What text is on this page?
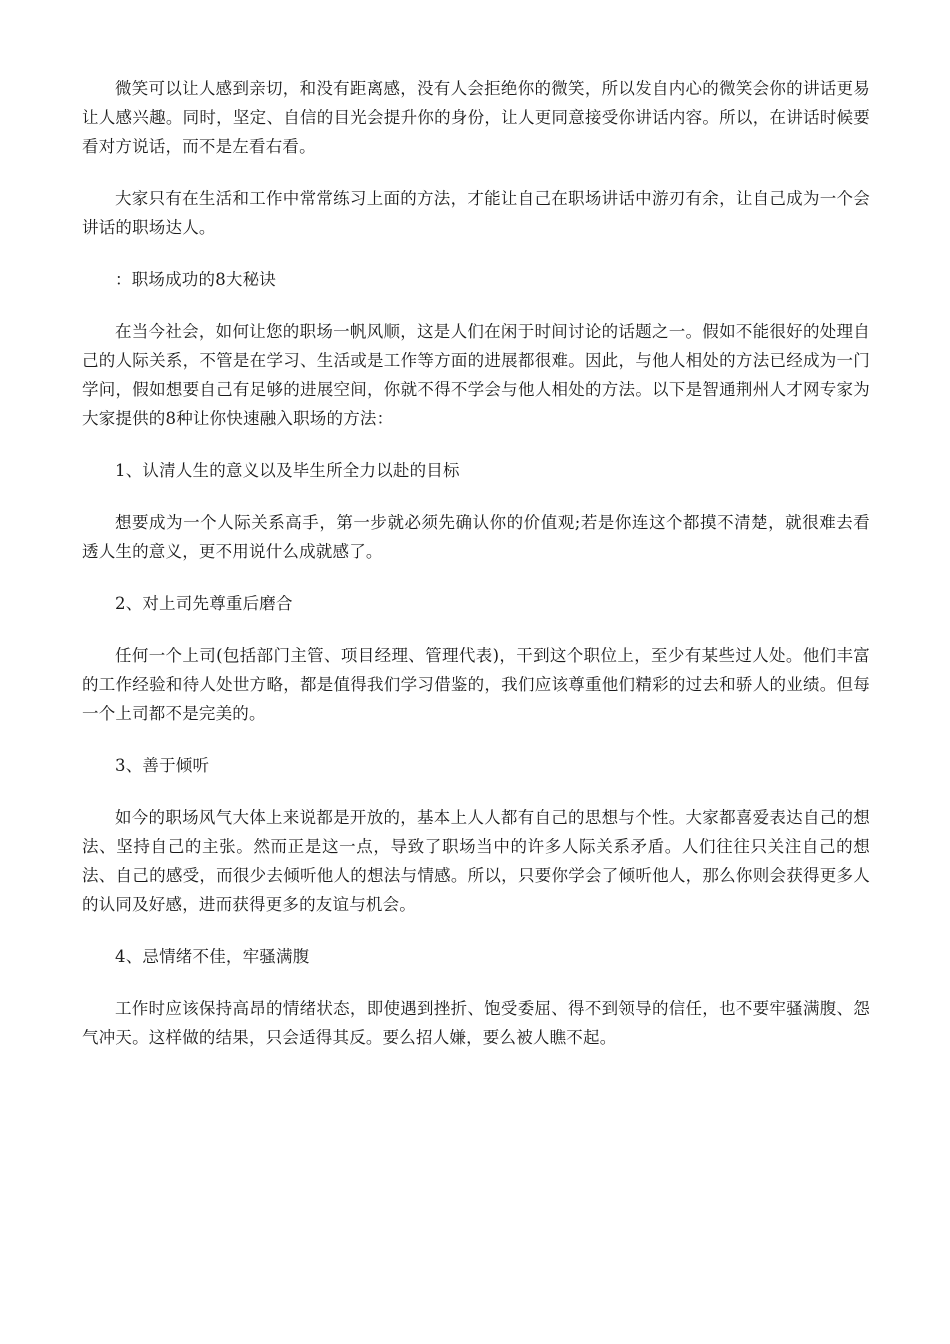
微笑可以让人感到亲切，和没有距离感，没有人会拒绝你的微笑，所以发自内心的微笑会你的讲话更易让人感兴趣。同时，坚定、自信的目光会提升你的身份，让人更同意接受你讲话内容。所以，在讲话时候要看对方说话，而不是左看右看。

大家只有在生活和工作中常常练习上面的方法，才能让自己在职场讲话中游刃有余，让自己成为一个会讲话的职场达人。

：职场成功的8大秘诀

在当今社会，如何让您的职场一帆风顺，这是人们在闲于时间讨论的话题之一。假如不能很好的处理自己的人际关系，不管是在学习、生活或是工作等方面的进展都很难。因此，与他人相处的方法已经成为一门学问，假如想要自己有足够的进展空间，你就不得不学会与他人相处的方法。以下是智通荆州人才网专家为大家提供的8种让你快速融入职场的方法：

1、认清人生的意义以及毕生所全力以赴的目标

想要成为一个人际关系高手，第一步就必须先确认你的价值观;若是你连这个都摸不清楚，就很难去看透人生的意义，更不用说什么成就感了。

2、对上司先尊重后磨合

任何一个上司(包括部门主管、项目经理、管理代表)，干到这个职位上，至少有某些过人处。他们丰富的工作经验和待人处世方略，都是值得我们学习借鉴的，我们应该尊重他们精彩的过去和骄人的业绩。但每一个上司都不是完美的。

3、善于倾听

如今的职场风气大体上来说都是开放的，基本上人人都有自己的思想与个性。大家都喜爱表达自己的想法、坚持自己的主张。然而正是这一点，导致了职场当中的许多人际关系矛盾。人们往往只关注自己的想法、自己的感受，而很少去倾听他人的想法与情感。所以，只要你学会了倾听他人，那么你则会获得更多人的认同及好感，进而获得更多的友谊与机会。

4、忌情绪不佳，牢骚满腹

工作时应该保持高昂的情绪状态，即使遇到挫折、饱受委屈、得不到领导的信任，也不要牢骚满腹、怨气冲天。这样做的结果，只会适得其反。要么招人嫌，要么被人瞧不起。
